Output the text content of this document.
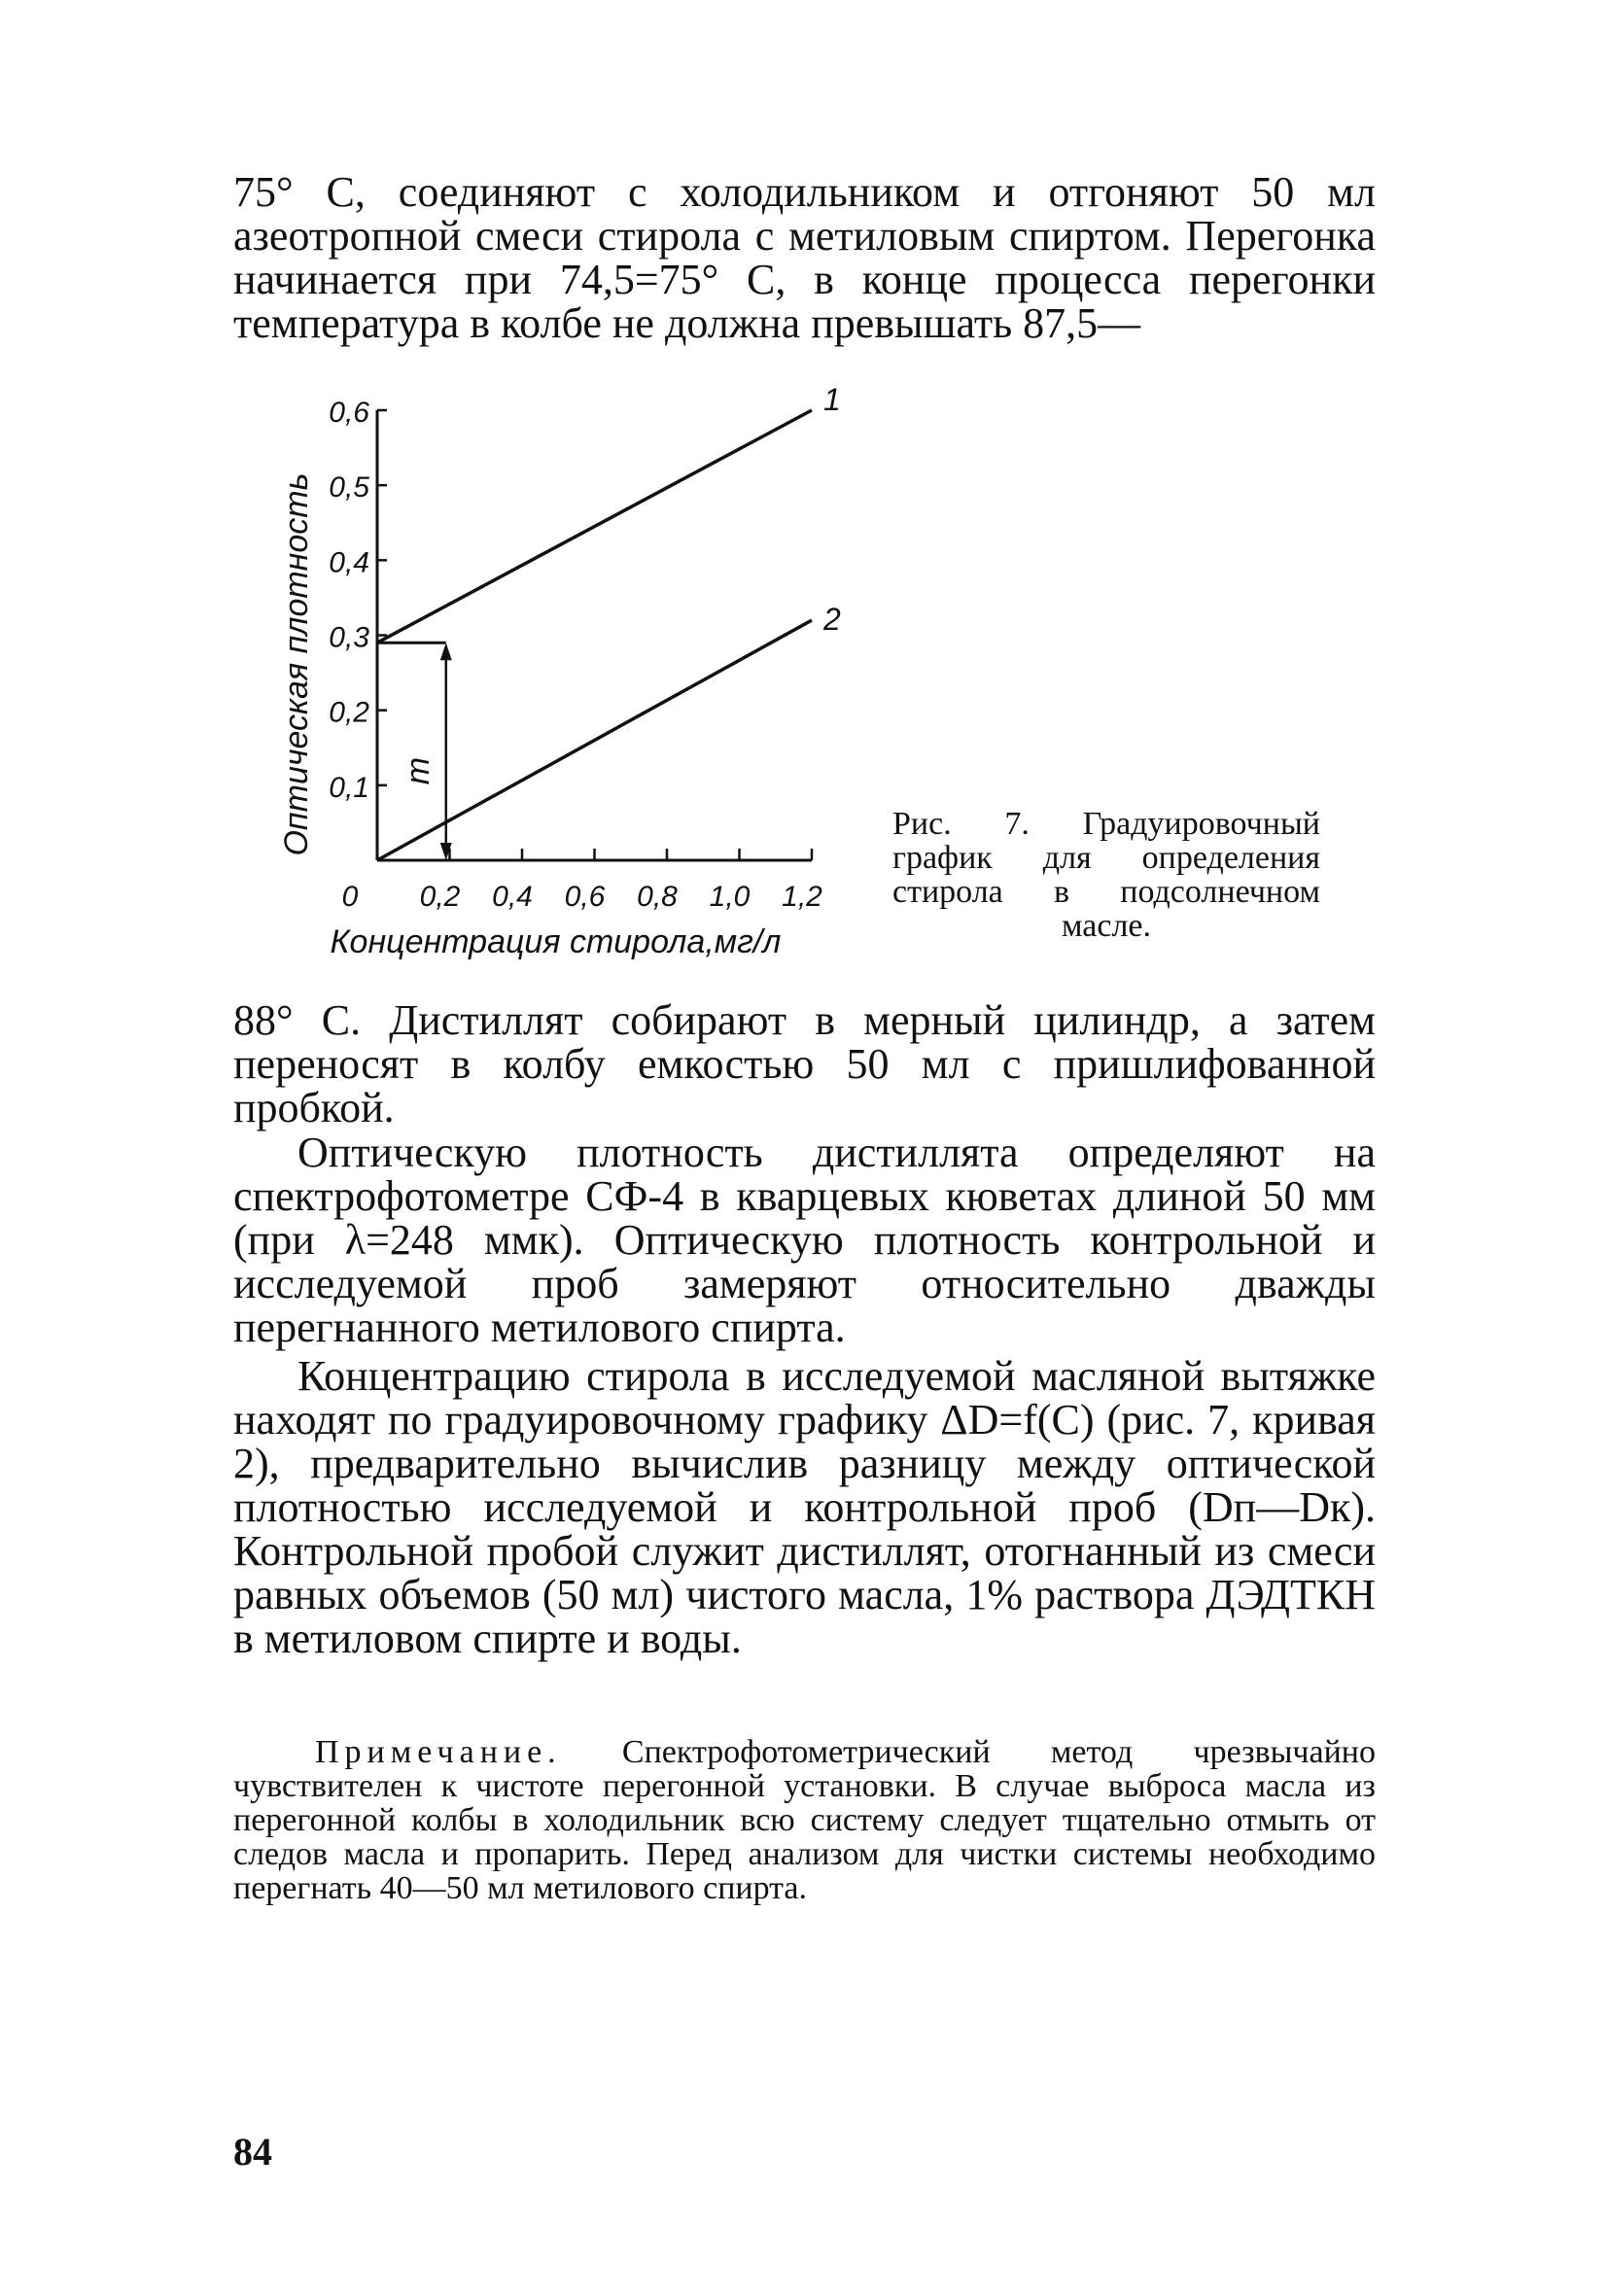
75° C, соединяют с холодильником и отгоняют 50 мл азеотропной смеси стирола с метиловым спиртом. Перегонка начинается при 74,5=75° С, в конце процесса перегонки температура в колбе не должна превышать 87,5—

0,1
0,2
0,3
0,4
0,5
0,6
0,2 0,4 0,6 0,8 1,0 1,2
0
Концентрация стирола,мг/л
Оптическая плотность
1
2
m

Рис. 7. Градуировочный график для определения стирола в подсолнечном масле.

88° С. Дистиллят собирают в мерный цилиндр, а затем переносят в колбу емкостью 50 мл с пришлифованной пробкой.

Оптическую плотность дистиллята определяют на спектрофотометре СФ-4 в кварцевых кюветах длиной 50 мм (при λ=248 ммк). Оптическую плотность контрольной и исследуемой проб замеряют относительно дважды перегнанного метилового спирта.

Концентрацию стирола в исследуемой масляной вытяжке находят по градуировочному графику ΔD=f(C) (рис. 7, кривая 2), предварительно вычислив разницу между оптической плотностью исследуемой и контрольной проб (Dп—Dк). Контрольной пробой служит дистиллят, отогнанный из смеси равных объемов (50 мл) чистого масла, 1% раствора ДЭДТКН в метиловом спирте и воды.

Примечание. Спектрофотометрический метод чрезвычайно чувствителен к чистоте перегонной установки. В случае выброса масла из перегонной колбы в холодильник всю систему следует тщательно отмыть от следов масла и пропарить. Перед анализом для чистки системы необходимо перегнать 40—50 мл метилового спирта.

84
